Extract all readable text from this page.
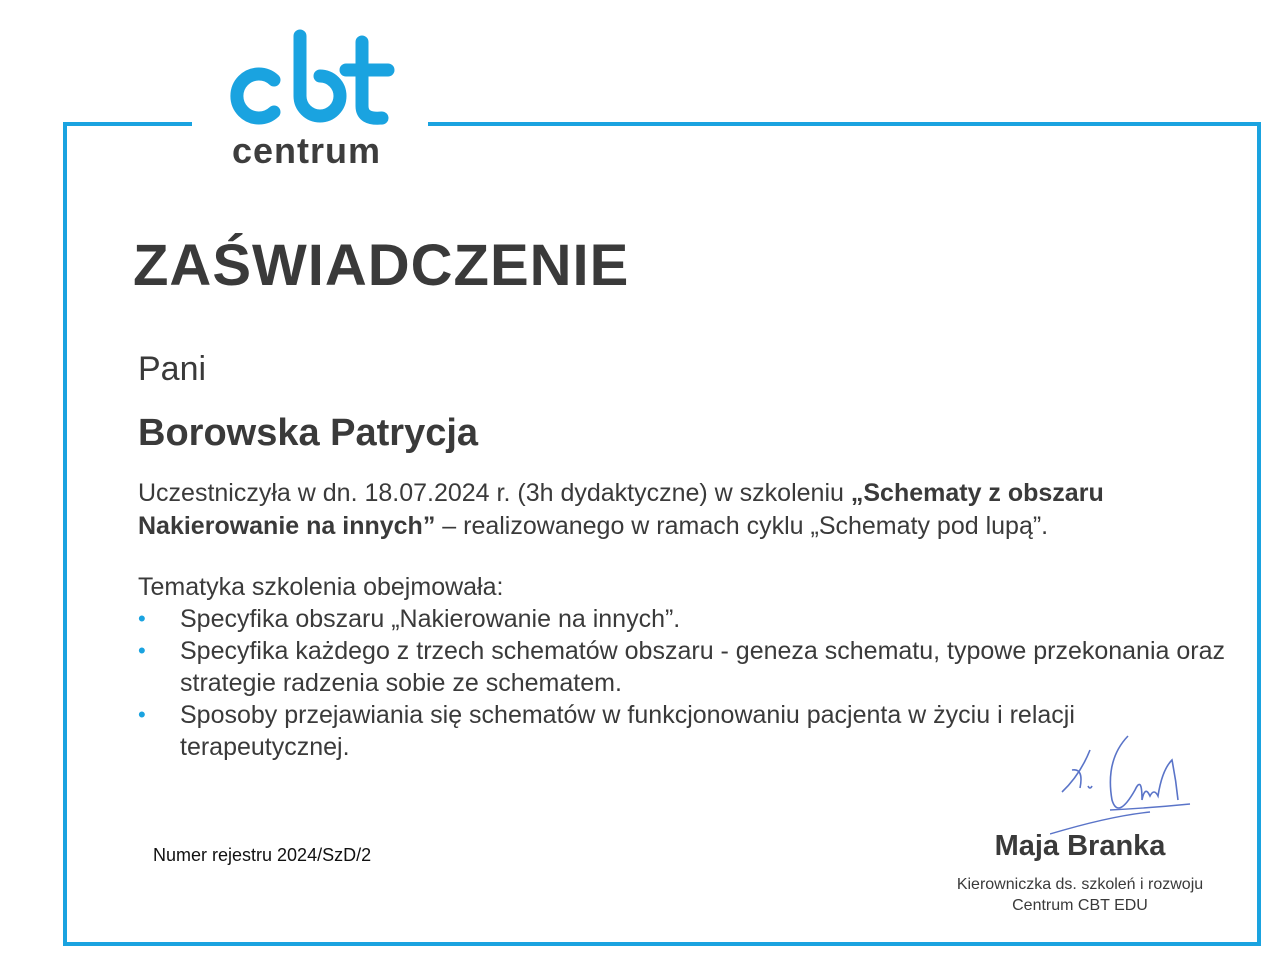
centrum
ZAŚWIADCZENIE
Pani
Borowska Patrycja
Uczestniczyła w dn. 18.07.2024 r. (3h dydaktyczne) w szkoleniu „Schematy z obszaru Nakierowanie na innych” – realizowanego w ramach cyklu „Schematy pod lupą”.
Tematyka szkolenia obejmowała:
• Specyfika obszaru „Nakierowanie na innych”.
• Specyfika każdego z trzech schematów obszaru - geneza schematu, typowe przekonania oraz strategie radzenia sobie ze schematem.
• Sposoby przejawiania się schematów w funkcjonowaniu pacjenta w życiu i relacji terapeutycznej.
Numer rejestru 2024/SzD/2	Maja Branka
Kierowniczka ds. szkoleń i rozwoju
Centrum CBT EDU
